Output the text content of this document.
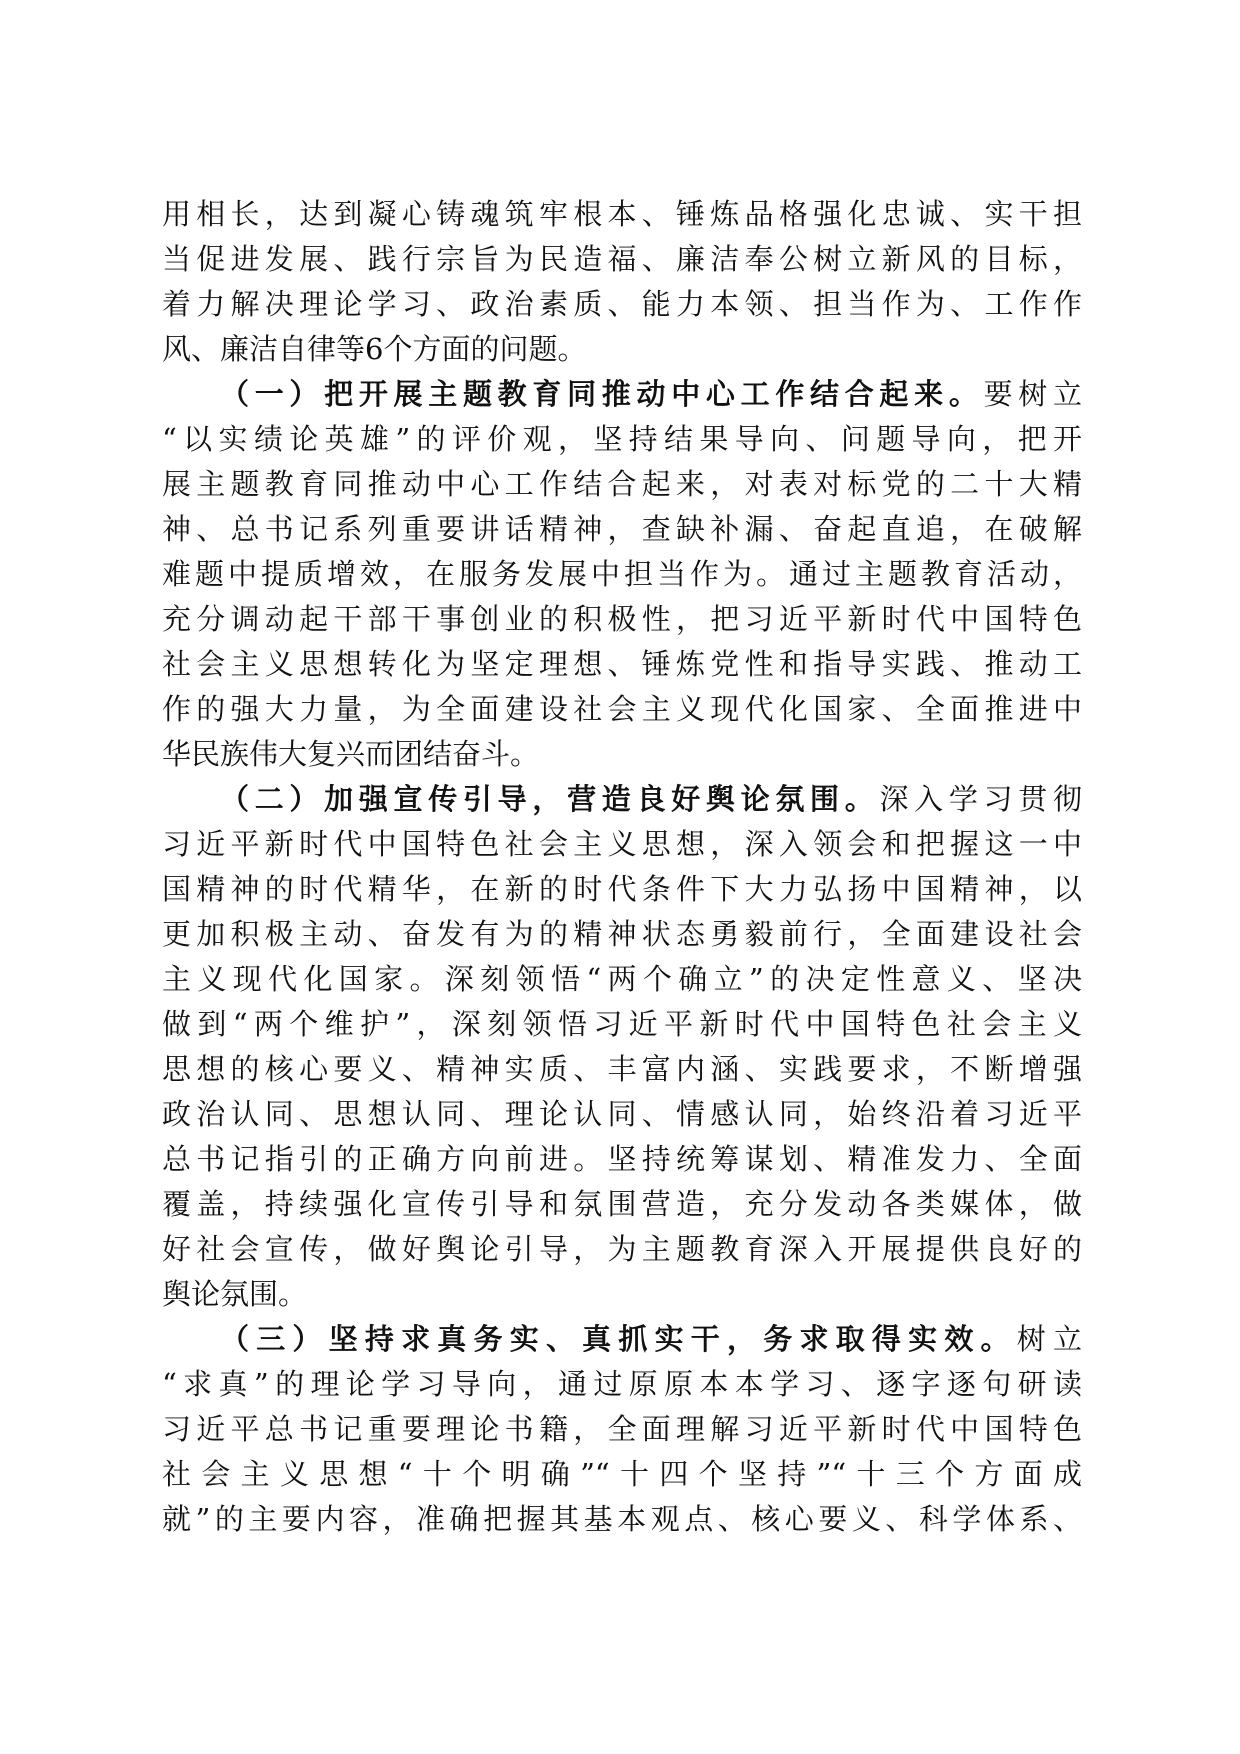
用相长，达到凝心铸魂筑牢根本、锤炼品格强化忠诚、实干担
当促进发展、践行宗旨为民造福、廉洁奉公树立新风的目标，
着力解决理论学习、政治素质、能力本领、担当作为、工作作
风、廉洁自律等6个方面的问题。
（一）把开展主题教育同推动中心工作结合起来。要树立
“以实绩论英雄”的评价观，坚持结果导向、问题导向，把开
展主题教育同推动中心工作结合起来，对表对标党的二十大精
神、总书记系列重要讲话精神，查缺补漏、奋起直追，在破解
难题中提质增效，在服务发展中担当作为。通过主题教育活动，
充分调动起干部干事创业的积极性，把习近平新时代中国特色
社会主义思想转化为坚定理想、锤炼党性和指导实践、推动工
作的强大力量，为全面建设社会主义现代化国家、全面推进中
华民族伟大复兴而团结奋斗。
（二）加强宣传引导，营造良好舆论氛围。深入学习贯彻
习近平新时代中国特色社会主义思想，深入领会和把握这一中
国精神的时代精华，在新的时代条件下大力弘扬中国精神，以
更加积极主动、奋发有为的精神状态勇毅前行，全面建设社会
主义现代化国家。深刻领悟“两个确立”的决定性意义、坚决
做到“两个维护”，深刻领悟习近平新时代中国特色社会主义
思想的核心要义、精神实质、丰富内涵、实践要求，不断增强
政治认同、思想认同、理论认同、情感认同，始终沿着习近平
总书记指引的正确方向前进。坚持统筹谋划、精准发力、全面
覆盖，持续强化宣传引导和氛围营造，充分发动各类媒体，做
好社会宣传，做好舆论引导，为主题教育深入开展提供良好的
舆论氛围。
（三）坚持求真务实、真抓实干，务求取得实效。树立
“求真”的理论学习导向，通过原原本本学习、逐字逐句研读
习近平总书记重要理论书籍，全面理解习近平新时代中国特色
社会主义思想“十个明确”“十四个坚持”“十三个方面成
就”的主要内容，准确把握其基本观点、核心要义、科学体系、
